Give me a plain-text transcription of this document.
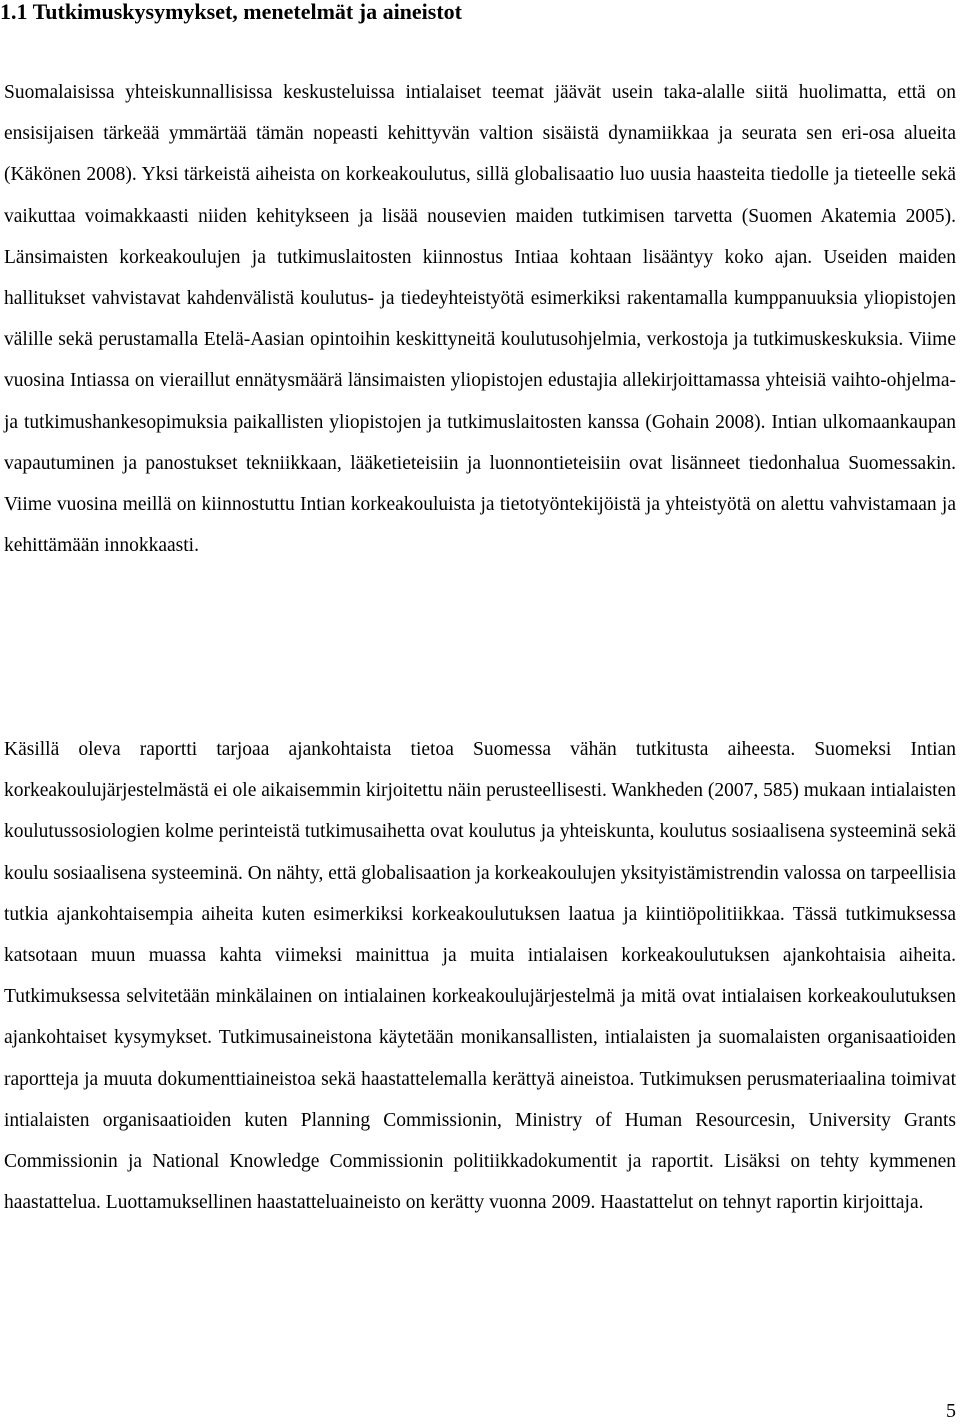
1.1 Tutkimuskysymykset, menetelmät ja aineistot

Suomalaisissa yhteiskunnallisissa keskusteluissa intialaiset teemat jäävät usein taka-alalle siitä huolimatta, että on ensisijaisen tärkeää ymmärtää tämän nopeasti kehittyvän valtion sisäistä dynamiikkaa ja seurata sen eri-osa alueita (Käkönen 2008). Yksi tärkeistä aiheista on korkeakoulutus, sillä globalisaatio luo uusia haasteita tiedolle ja tieteelle sekä vaikuttaa voimakkaasti niiden kehitykseen ja lisää nousevien maiden tutkimisen tarvetta (Suomen Akatemia 2005). Länsimaisten korkeakoulujen ja tutkimuslaitosten kiinnostus Intiaa kohtaan lisääntyy koko ajan. Useiden maiden hallitukset vahvistavat kahdenvälistä koulutus- ja tiedeyhteistyötä esimerkiksi rakentamalla kumppanuuksia yliopistojen välille sekä perustamalla Etelä-Aasian opintoihin keskittyneitä koulutusohjelmia, verkostoja ja tutkimuskeskuksia. Viime vuosina Intiassa on vieraillut ennätysmäärä länsimaisten yliopistojen edustajia allekirjoittamassa yhteisiä vaihto-ohjelma- ja tutkimushankesopimuksia paikallisten yliopistojen ja tutkimuslaitosten kanssa (Gohain 2008). Intian ulkomaankaupan vapautuminen ja panostukset tekniikkaan, lääketieteisiin ja luonnontieteisiin ovat lisänneet tiedonhalua Suomessakin. Viime vuosina meillä on kiinnostuttu Intian korkeakouluista ja tietotyöntekijöistä ja yhteistyötä on alettu vahvistamaan ja kehittämään innokkaasti.

Käsillä oleva raportti tarjoaa ajankohtaista tietoa Suomessa vähän tutkitusta aiheesta. Suomeksi Intian korkeakoulujärjestelmästä ei ole aikaisemmin kirjoitettu näin perusteellisesti. Wankheden (2007, 585) mukaan intialaisten koulutussosiologien kolme perinteistä tutkimusaihetta ovat koulutus ja yhteiskunta, koulutus sosiaalisena systeeminä sekä koulu sosiaalisena systeeminä. On nähty, että globalisaation ja korkeakoulujen yksityistämistrendin valossa on tarpeellisia tutkia ajankohtaisempia aiheita kuten esimerkiksi korkeakoulutuksen laatua ja kiintiöpolitiikkaa. Tässä tutkimuksessa katsotaan muun muassa kahta viimeksi mainittua ja muita intialaisen korkeakoulutuksen ajankohtaisia aiheita. Tutkimuksessa selvitetään minkälainen on intialainen korkeakoulujärjestelmä ja mitä ovat intialaisen korkeakoulutuksen ajankohtaiset kysymykset. Tutkimusaineistona käytetään monikansallisten, intialaisten ja suomalaisten organisaatioiden raportteja ja muuta dokumenttiaineistoa sekä haastattelemalla kerättyä aineistoa. Tutkimuksen perusmateriaalina toimivat intialaisten organisaatioiden kuten Planning Commissionin, Ministry of Human Resourcesin, University Grants Commissionin ja National Knowledge Commissionin politiikkadokumentit ja raportit. Lisäksi on tehty kymmenen haastattelua. Luottamuksellinen haastatteluaineisto on kerätty vuonna 2009. Haastattelut on tehnyt raportin kirjoittaja.

5
